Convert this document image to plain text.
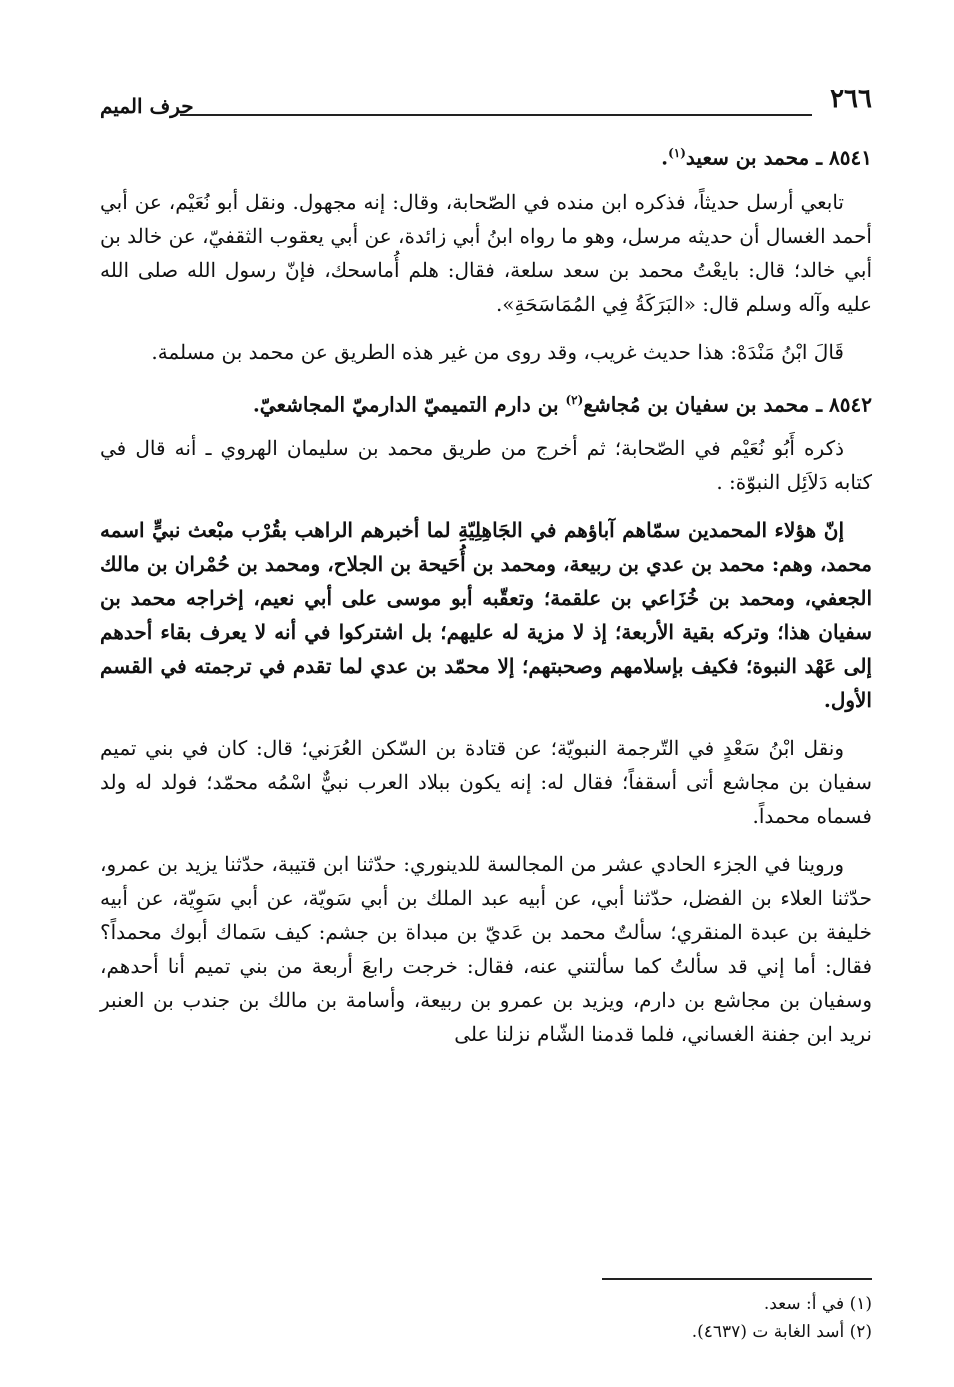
٢٦٦
حرف الميم

٨٥٤١ ـ محمد بن سعيد$^{(١)}$.

تابعي أرسل حديثاً، فذكره ابن منده في الصّحابة، وقال: إنه مجهول. ونقل أبو نُعَيْم، عن أبي أحمد الغسال أن حديثه مرسل، وهو ما رواه ابنُ أبي زائدة، عن أبي يعقوب الثقفيّ، عن خالد بن أبي خالد؛ قال: بايعْتُ محمد بن سعد سلعة، فقال: هلم أُماسحك، فإنّ رسول الله صلى الله عليه وآله وسلم قال: «البَرَكَةُ فِي المُمَاسَحَةِ».

قَالَ ابْنُ مَنْدَهْ: هذا حديث غريب، وقد روى من غير هذه الطريق عن محمد بن مسلمة.

٨٥٤٢ ـ محمد بن سفيان بن مُجاشع$^{(٢)}$ بن دارم التميميّ الدارميّ المجاشعيّ.

ذكره أَبُو نُعَيْم في الصّحابة؛ ثم أخرج من طريق محمد بن سليمان الهروي ـ أنه قال في كتابه دَلاَئِل النبوّة: .

إنّ هؤلاء المحمدين سمّاهم آباؤهم في الجَاهِلِيّةِ لما أخبرهم الراهب بقُرْب مبْعث نبيٍّ اسمه محمد، وهم: محمد بن عدي بن ربيعة، ومحمد بن أُحَيحة بن الجلاح، ومحمد بن حُمْران بن مالك الجعفي، ومحمد بن خُزَاعي بن علقمة؛ وتعقّبه أبو موسى على أبي نعيم، إخراجه محمد بن سفيان هذا؛ وتركه بقية الأربعة؛ إذ لا مزية له عليهم؛ بل اشتركوا في أنه لا يعرف بقاء أحدهم إلى عَهْد النبوة؛ فكيف بإسلامهم وصحبتهم؛ إلا محمّد بن عدي لما تقدم في ترجمته في القسم الأول.

ونقل ابْنُ سَعْدٍ في التّرجمة النبويّة؛ عن قتادة بن السّكن العُرَني؛ قال: كان في بني تميم سفيان بن مجاشع أتى أسقفاً؛ فقال له: إنه يكون ببلاد العرب نبيٌّ اسْمُه محمّد؛ فولد له ولد فسماه محمداً.

وروينا في الجزء الحادي عشر من المجالسة للدينوري: حدّثنا ابن قتيبة، حدّثنا يزيد بن عمرو، حدّثنا العلاء بن الفضل، حدّثنا أبي، عن أبيه عبد الملك بن أبي سَويّة، عن أبي سَوِيّة، عن أبيه خليفة بن عبدة المنقري؛ سألتٌ محمد بن عَديّ بن مبداة بن جشم: كيف سَماك أبوك محمداً؟ فقال: أما إني قد سألتُ كما سألتني عنه، فقال: خرجت رابعَ أربعة من بني تميم أنا أحدهم، وسفيان بن مجاشع بن دارم، ويزيد بن عمرو بن ربيعة، وأسامة بن مالك بن جندب بن العنبر نريد ابن جفنة الغساني، فلما قدمنا الشّام نزلنا على

(١) في أ: سعد.
(٢) أسد الغابة ت (٤٦٣٧).
